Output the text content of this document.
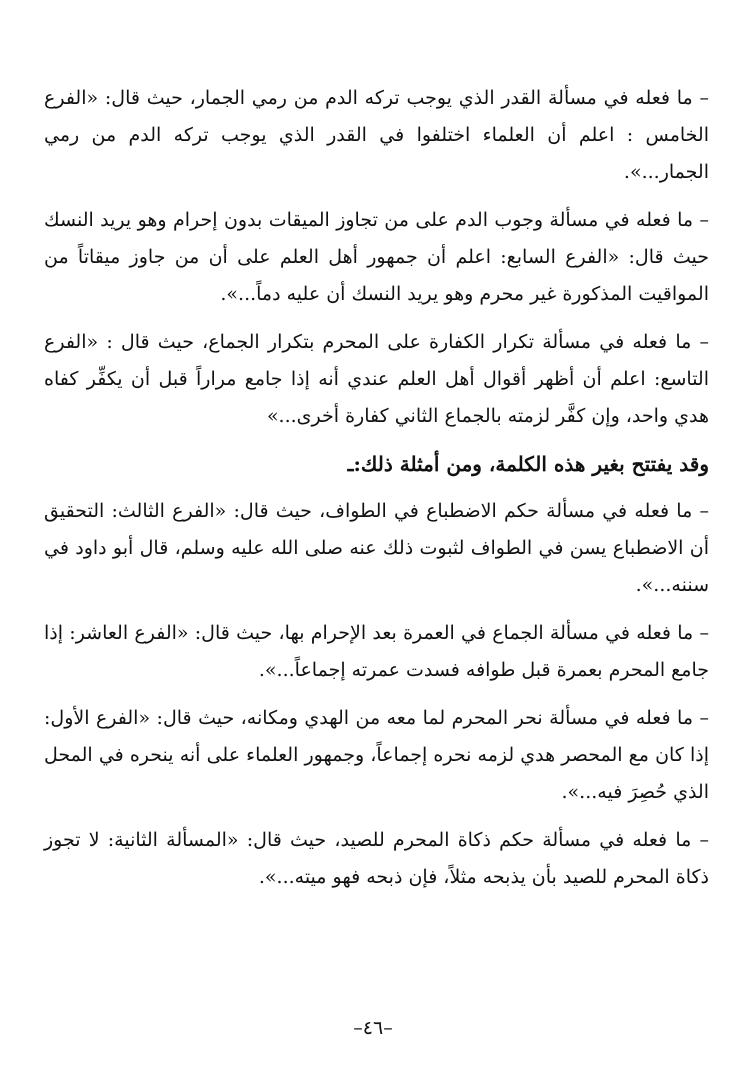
– ما فعله في مسألة القدر الذي يوجب تركه الدم من رمي الجمار، حيث قال: «الفرع الخامس : اعلم أن العلماء اختلفوا في القدر الذي يوجب تركه الدم من رمي الجمار...».

– ما فعله في مسألة وجوب الدم على من تجاوز الميقات بدون إحرام وهو يريد النسك حيث قال: «الفرع السابع: اعلم أن جمهور أهل العلم على أن من جاوز ميقاتاً من المواقيت المذكورة غير محرم وهو يريد النسك أن عليه دماً...».

– ما فعله في مسألة تكرار الكفارة على المحرم بتكرار الجماع، حيث قال : «الفرع التاسع: اعلم أن أظهر أقوال أهل العلم عندي أنه إذا جامع مراراً قبل أن يكفِّر كفاه هدي واحد، وإن كفَّر لزمته بالجماع الثاني كفارة أخرى...»

وقد يفتتح بغير هذه الكلمة، ومن أمثلة ذلك:ـ

– ما فعله في مسألة حكم الاضطباع في الطواف، حيث قال: «الفرع الثالث: التحقيق أن الاضطباع يسن في الطواف لثبوت ذلك عنه صلى الله عليه وسلم، قال أبو داود في سننه...».

– ما فعله في مسألة الجماع في العمرة بعد الإحرام بها، حيث قال: «الفرع العاشر: إذا جامع المحرم بعمرة قبل طوافه فسدت عمرته إجماعاً...».

– ما فعله في مسألة نحر المحرم لما معه من الهدي ومكانه، حيث قال: «الفرع الأول: إذا كان مع المحصر هدي لزمه نحره إجماعاً، وجمهور العلماء على أنه ينحره في المحل الذي حُصِرَ فيه...».

– ما فعله في مسألة حكم ذكاة المحرم للصيد، حيث قال: «المسألة الثانية: لا تجوز ذكاة المحرم للصيد بأن يذبحه مثلاً، فإن ذبحه فهو ميته...».

–٤٦–
